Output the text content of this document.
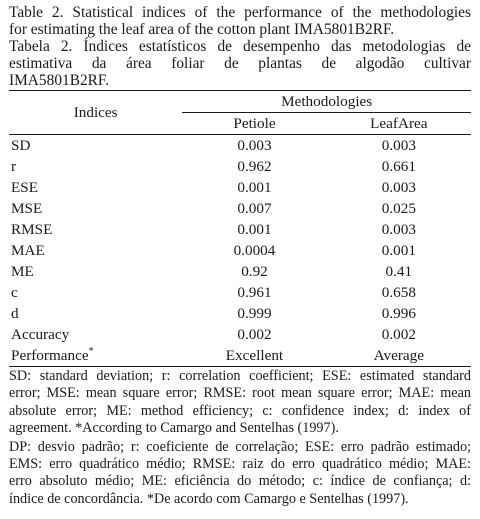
Table 2. Statistical indices of the performance of the methodologies
for estimating the leaf area of the cotton plant IMA5801B2RF.
Tabela 2. Índices estatísticos de desempenho das metodologias de
estimativa da área foliar de plantas de algodão cultivar
IMA5801B2RF.
Indices	Methodologies	
	Petiole	LeafArea
SD	0.003	0.003
r	0.962	0.661
ESE	0.001	0.003
MSE	0.007	0.025
RMSE	0.001	0.003
MAE	0.0004	0.001
ME	0.92	0.41
c	0.961	0.658
d	0.999	0.996
Accuracy	0.002	0.002
Performance*	Excellent	Average
SD: standard deviation; r: correlation coefficient; ESE: estimated standard
error; MSE: mean square error; RMSE: root mean square error; MAE: mean
absolute error; ME: method efficiency; c: confidence index; d: index of
agreement. *According to Camargo and Sentelhas (1997).
DP: desvio padrão; r: coeficiente de correlação; ESE: erro padrão estimado;
EMS: erro quadrático médio; RMSE: raiz do erro quadrático médio; MAE:
erro absoluto médio; ME: eficiência do método; c: índice de confiança; d:
índice de concordância. *De acordo com Camargo e Sentelhas (1997).
